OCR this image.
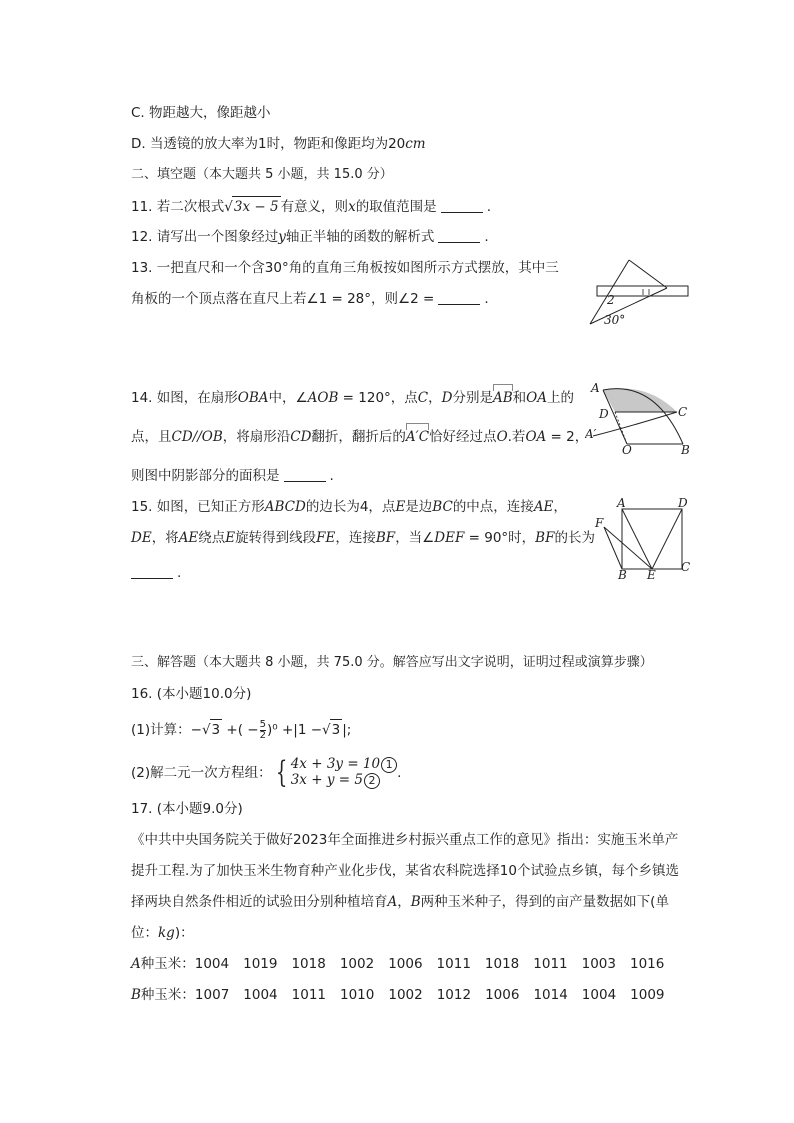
C. 物距越大，像距越小
D. 当透镜的放大率为1时，物距和像距均为20cm
二、填空题（本大题共 5 小题，共 15.0 分）
11. 若二次根式√3x − 5 有意义，则x的取值范围是	.
12. 请写出一个图象经过y轴正半轴的函数的解析式	.
13. 一把直尺和一个含30°角的直角三角板按如图所示方式摆放，其中三
角板的一个顶点落在直尺上若∠1 = 28°，则∠2 =	.	2
30°
14. 如图，在扇形OBA中，∠AOB = 120°，点C，D分别是AB和OA上的
点，且CD//OB，将扇形沿CD翻折，翻折后的A′C恰好经过点O.若OA = 2，
则图中阴影部分的面积是	.
A
D	C
A′
O	B
15. 如图，已知正方形ABCD的边长为4，点E是边BC的中点，连接AE，
DE，将AE绕点E旋转得到线段FE，连接BF，当∠DEF = 90°时，BF的长为
.
A	D
F
B E
C
三、解答题（本大题共 8 小题，共 75.0 分。解答应写出文字说明，证明过程或演算步骤）
16. (本小题10.0分)
(1)计算：−√3 +( − $\frac{5}{2} )^0 +|1 -√3$ |;
(2)解二元一次方程组： { 4x + 3y = 10 1
3x + y = 5 2	.
17. (本小题9.0分)
《中共中央国务院关于做好2023年全面推进乡村振兴重点工作的意见》指出：实施玉米单产
提升工程.为了加快玉米生物育种产业化步伐，某省农科院选择10个试验点乡镇，每个乡镇选
择两块自然条件相近的试验田分别种植培育A，B两种玉米种子，得到的亩产量数据如下(单
位：kg)：
A种玉米：1004 1019 1018 1002 1006 1011 1018 1011 1003 1016
B种玉米：1007 1004 1011 1010 1002 1012 1006 1014 1004 1009
